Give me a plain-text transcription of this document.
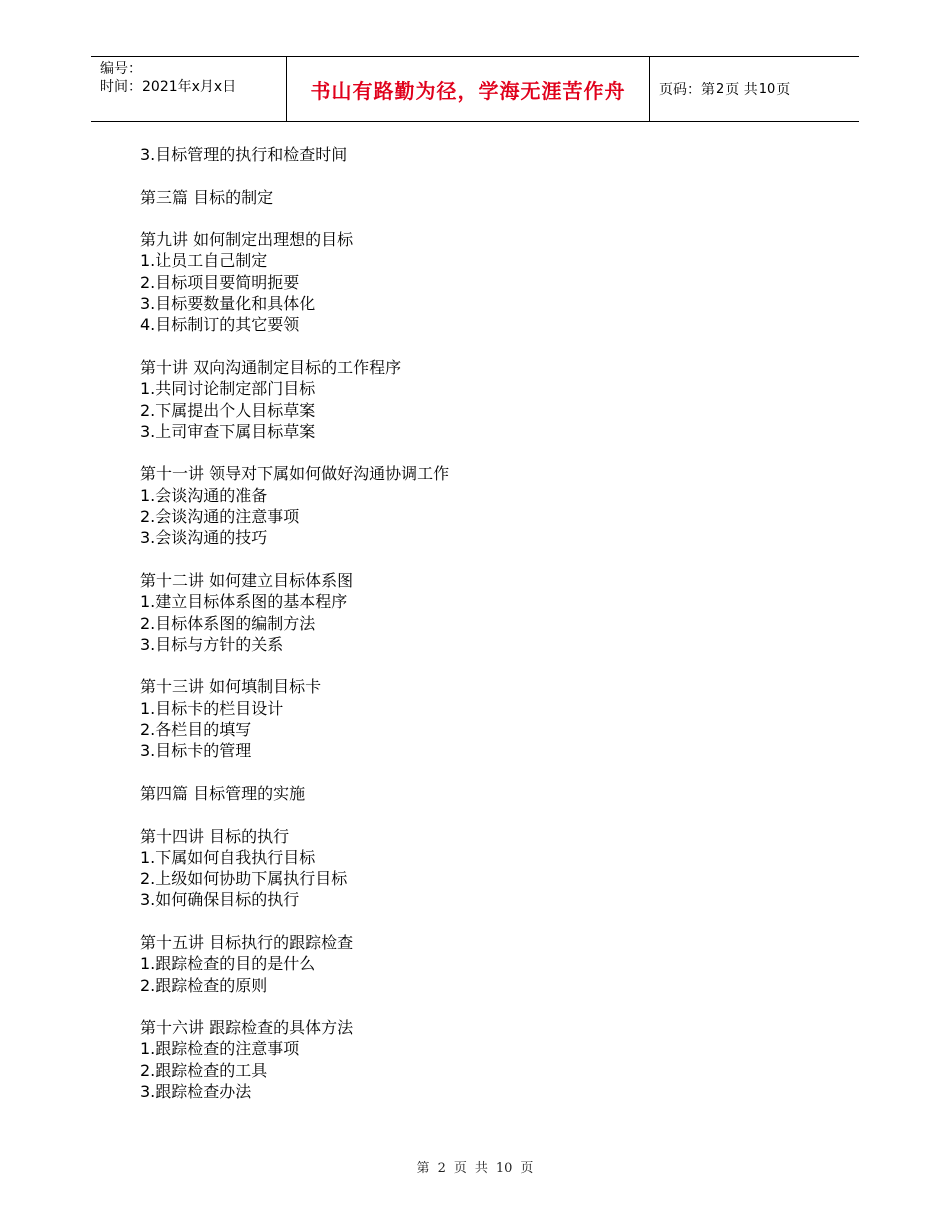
编号：
时间：2021年x月x日	书山有路勤为径，学海无涯苦作舟 页码：第 2 页 共 10 页
3.目标管理的执行和检查时间
第三篇 目标的制定
第九讲 如何制定出理想的目标
1.让员工自己制定
2.目标项目要简明扼要
3.目标要数量化和具体化
4.目标制订的其它要领
第十讲 双向沟通制定目标的工作程序
1.共同讨论制定部门目标
2.下属提出个人目标草案
3.上司审查下属目标草案
第十一讲 领导对下属如何做好沟通协调工作
1.会谈沟通的准备
2.会谈沟通的注意事项
3.会谈沟通的技巧
第十二讲 如何建立目标体系图
1.建立目标体系图的基本程序
2.目标体系图的编制方法
3.目标与方针的关系
第十三讲 如何填制目标卡
1.目标卡的栏目设计
2.各栏目的填写
3.目标卡的管理
第四篇 目标管理的实施
第十四讲 目标的执行
1.下属如何自我执行目标
2.上级如何协助下属执行目标
3.如何确保目标的执行
第十五讲 目标执行的跟踪检查
1.跟踪检查的目的是什么
2.跟踪检查的原则
第十六讲 跟踪检查的具体方法
1.跟踪检查的注意事项
2.跟踪检查的工具
3.跟踪检查办法
第 2 页 共 10 页
